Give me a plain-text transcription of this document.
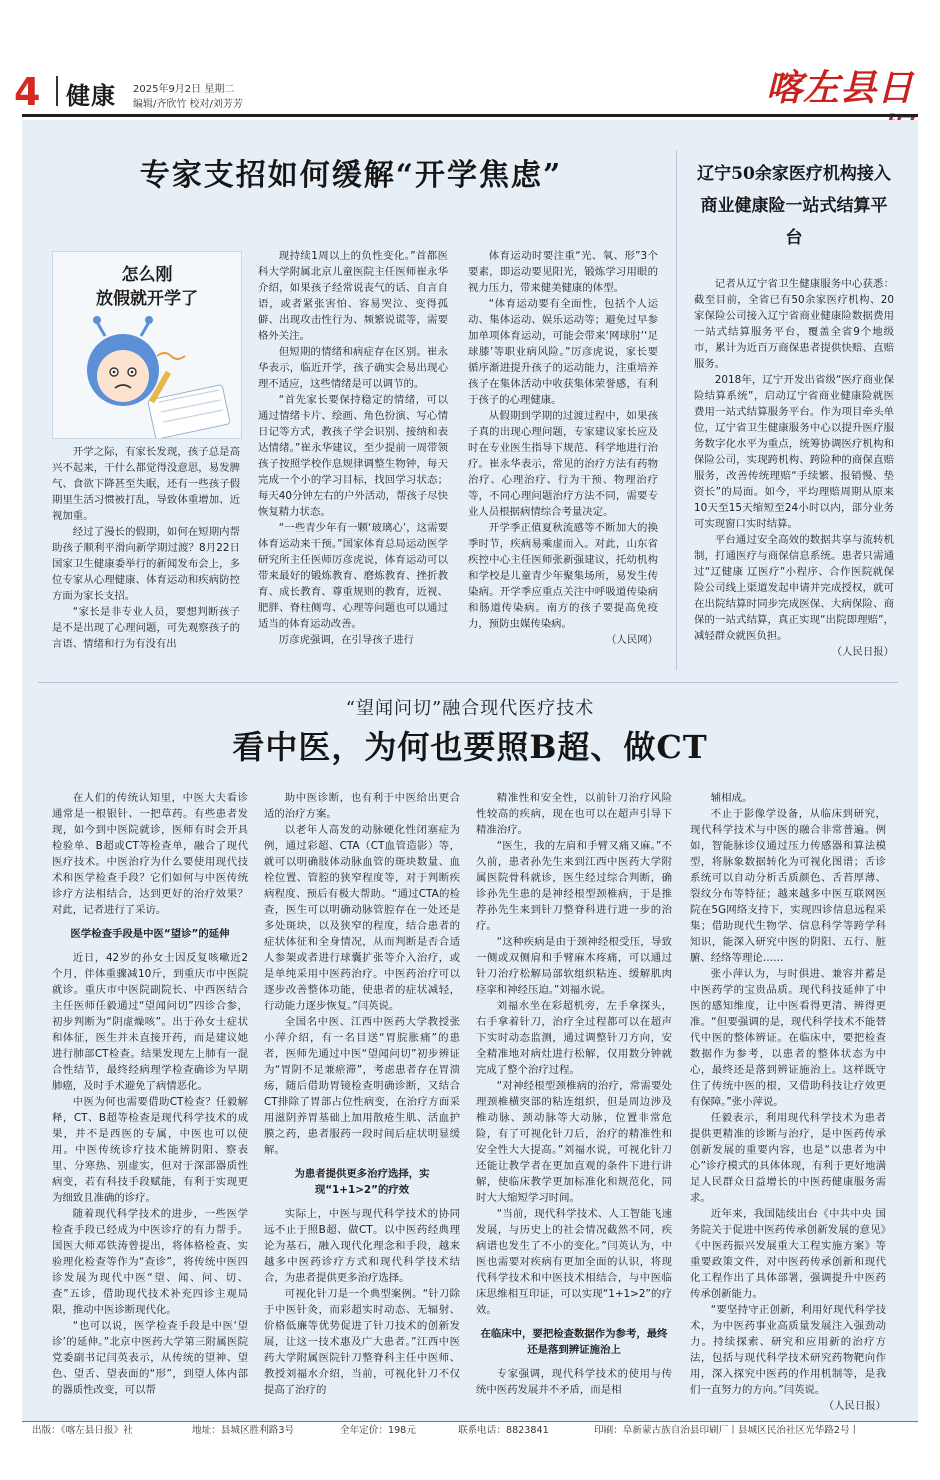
4	健康 2025年9月2日 星期二
编辑/齐欣竹 校对/刘芳芳	喀左县日
专家支招如何缓解“开学焦虑”
怎么刚
放假就开学了

开学之际，有家长发现，孩子总是高兴不起来，干什么都觉得没意思，易发脾气、食欲下降甚至失眠，还有一些孩子假期里生活习惯被打乱，导致体重增加、近视加重。

经过了漫长的假期，如何在短期内帮助孩子顺利平滑向新学期过渡？8月22日国家卫生健康委举行的新闻发布会上，多位专家从心理健康、体育运动和疾病防控方面为家长支招。

“家长是非专业人员，要想判断孩子是不是出现了心理问题，可先观察孩子的言语、情绪和行为有没有出

现持续1周以上的负性变化。”首都医科大学附属北京儿童医院主任医师崔永华介绍，如果孩子经常说丧气的话、自言自语，或者紧张害怕、容易哭泣、变得孤僻、出现攻击性行为、频繁说谎等，需要格外关注。

但短期的情绪和病症存在区别。崔永华表示，临近开学，孩子确实会易出现心理不适应，这些情绪是可以调节的。

“首先家长要保持稳定的情绪，可以通过情绪卡片、绘画、角色扮演、写心情日记等方式，教孩子学会识别、接纳和表达情绪。”崔永华建议，至少提前一周带领孩子按照学校作息规律调整生物钟，每天完成一个小的学习目标，找回学习状态；每天40分钟左右的户外活动，帮孩子尽快恢复精力状态。

“一些青少年有一颗‘玻璃心’，这需要体育运动来干预。”国家体育总局运动医学研究所主任医师厉彦虎说，体育运动可以带来最好的锻炼教育、磨炼教育、挫折教育、成长教育、尊重规则的教育，近视、肥胖、脊柱侧弯、心理等问题也可以通过适当的体育运动改善。

厉彦虎强调，在引导孩子进行

体育运动时要注重“光、氧、形”3个要素，即运动要见阳光，锻炼学习用眼的视力压力，带来健美健康的体型。

“体育运动要有全面性，包括个人运动、集体运动、娱乐运动等；避免过早参加单项体育运动，可能会带来‘网球肘’‘足球膝’等职业病风险。”厉彦虎说，家长要循序渐进提升孩子的运动能力，注重培养孩子在集体活动中收获集体荣誉感，有利于孩子的心理健康。

从假期到学期的过渡过程中，如果孩子真的出现心理问题，专家建议家长应及时在专业医生指导下规范、科学地进行治疗。崔永华表示，常见的治疗方法有药物治疗、心理治疗、行为干预、物理治疗等，不同心理问题治疗方法不同，需要专业人员根据病情综合考量决定。

开学季正值夏秋流感等不断加大的换季时节，疾病易乘虚而入。对此，山东省疾控中心主任医师张新强建议，托幼机构和学校是儿童青少年聚集场所，易发生传染病。开学季应重点关注中呼吸道传染病和肠道传染病。南方的孩子要提高免疫力，预防虫媒传染病。

（人民网）

辽宁50余家医疗机构接入商业健康险一站式结算平台

记者从辽宁省卫生健康服务中心获悉：截至目前，全省已有50余家医疗机构、20家保险公司接入辽宁省商业健康险数据费用一站式结算服务平台，覆盖全省9个地级市，累计为近百万商保患者提供快赔、直赔服务。

2018年，辽宁开发出省级“医疗商业保险结算系统”，启动辽宁省商业健康险就医费用一站式结算服务平台。作为项目牵头单位，辽宁省卫生健康服务中心以提升医疗服务数字化水平为重点，统筹协调医疗机构和保险公司，实现跨机构、跨险种的商保直赔服务，改善传统理赔“手续繁、报销慢、垫资长”的局面。如今，平均理赔周期从原来10天至15天缩短至24小时以内，部分业务可实现窗口实时结算。

平台通过安全高效的数据共享与流转机制，打通医疗与商保信息系统。患者只需通过“辽健康 辽医疗”小程序、合作医院就保险公司线上渠道发起申请并完成授权，就可在出院结算时同步完成医保、大病保险、商保的一站式结算，真正实现“出院即理赔”，减轻群众就医负担。

（人民日报）

“望闻问切”融合现代医疗技术
看中医，为何也要照B超、做CT

在人们的传统认知里，中医大夫看诊通常是一根银针、一把草药。有些患者发现，如今到中医院就诊，医师有时会开具检验单、B超或CT等检查单，融合了现代医疗技术。中医治疗为什么要使用现代技术和医学检查手段？它们如何与中医传统诊疗方法相结合，达到更好的治疗效果？对此，记者进行了采访。

医学检查手段是中医“望诊”的延伸

近日，42岁的孙女士因反复咳嗽近2个月，伴体重骤减10斤，到重庆市中医院就诊。重庆市中医院副院长、中西医结合主任医师任毅通过“望闻问切”四诊合参，初步判断为“阴虚燥咳”。出于孙女士症状和体征，医生并未直接开药，而是建议她进行肺部CT检查。结果发现左上肺有一混合性结节，最终经病理学检查确诊为早期肺癌，及时手术避免了病情恶化。

中医为何也需要借助CT检查？任毅解释，CT、B超等检查是现代科学技术的成果，并不是西医的专属，中医也可以使用。中医传统诊疗技术能辨阴阳、察表里、分寒热、别虚实，但对于深部器质性病变，若有科技手段赋能，有利于实现更为细致且准确的诊疗。

随着现代科学技术的进步，一些医学检查手段已经成为中医诊疗的有力帮手。国医大师邓铁涛曾提出，将体格检查、实验理化检查等作为“查诊”，将传统中医四诊发展为现代中医“望、闻、问、切、查”五诊，借助现代技术补充四诊主观局限，推动中医诊断现代化。

“也可以说，医学检查手段是中医‘望诊’的延伸。”北京中医药大学第三附属医院党委副书记闫英表示，从传统的望神、望色、望舌、望表面的“形”，到望人体内部的器质性改变，可以帮

助中医诊断，也有利于中医给出更合适的治疗方案。

以老年人高发的动脉硬化性闭塞症为例，通过彩超、CTA（CT血管造影）等，就可以明确肢体动脉血管的斑块数量、血栓位置、管腔的狭窄程度等，对于判断疾病程度、预后有极大帮助。“通过CTA的检查，医生可以明确动脉管腔存在一处还是多处斑块，以及狭窄的程度，结合患者的症状体征和全身情况，从而判断是否合适人参架或者进行球囊扩张等介入治疗，或是单纯采用中医药治疗。中医药治疗可以逐步改善整体功能，使患者的症状减轻，行动能力逐步恢复。”闫英说。

全国名中医、江西中医药大学教授张小萍介绍，有一名目送“胃脘胀痛”的患者，医师先通过中医“望闻问切”初步辨证为“胃阴不足兼瘀滞”，考虑患者存在胃溃疡，随后借助胃镜检查明确诊断，又结合CT排除了胃部占位性病变，在治疗方面采用滋阴养胃基础上加用散疮生肌、活血护膜之药，患者服药一段时间后症状明显缓解。

为患者提供更多治疗选择，实现“1+1>2”的疗效

实际上，中医与现代科学技术的协同远不止于照B超、做CT。以中医药经典理论为基石，融入现代化理念和手段，越来越多中医药诊疗方式和现代科学技术结合，为患者提供更多治疗选择。

可视化针刀是一个典型案例。“针刀除于中医针灸，而彩超实时动态、无辐射、价格低廉等优势促进了针刀技术的创新发展，让这一技术惠及广大患者。”江西中医药大学附属医院针刀整脊科主任中医师、教授刘福水介绍，当前，可视化针刀不仅提高了治疗的

精准性和安全性，以前针刀治疗风险性较高的疾病，现在也可以在超声引导下精准治疗。

“医生，我的左肩和手臂又痛又麻。”不久前，患者孙先生来到江西中医药大学附属医院骨科就诊，医生经过综合判断，确诊孙先生患的是神经根型颈椎病，于是推荐孙先生来到针刀整脊科进行进一步的治疗。

“这种疾病是由于颈神经根受压，导致一侧或双侧肩和手臂麻木疼痛，可以通过针刀治疗松解局部软组织粘连、缓解肌肉痉挛和神经压迫。”刘福水说。

刘福水坐在彩超机旁，左手拿探头，右手拿着针刀，治疗全过程都可以在超声下实时动态监测，通过调整针刀方向，安全精准地对病灶进行松解，仅用数分钟就完成了整个治疗过程。

“对神经根型颈椎病的治疗，常需要处理颈椎横突部的粘连组织，但是周边涉及椎动脉、颈动脉等大动脉，位置非常危险，有了可视化针刀后，治疗的精准性和安全性大大提高。”刘福水说，可视化针刀还能让教学者在更加直观的条件下进行讲解，使临床教学更加标准化和规范化，同时大大缩短学习时间。

“当前，现代科学技术、人工智能飞速发展，与历史上的社会情况截然不同，疾病谱也发生了不小的变化。”闫英认为，中医也需要对疾病有更加全面的认识，将现代科学技术和中医技术相结合，与中医临床思维相互印证，可以实现“1+1>2”的疗效。

在临床中，要把检查数据作为参考，最终还是落到辨证施治上

专家强调，现代科学技术的使用与传统中医药发展并不矛盾，而是相

辅相成。

不止于影像学设备，从临床到研究，现代科学技术与中医的融合非常普遍。例如，智能脉诊仪通过压力传感器和算法模型，将脉象数据转化为可视化图谱；舌诊系统可以自动分析舌质颜色、舌苔厚薄、裂纹分布等特征；越来越多中医互联网医院在5G网络支持下，实现四诊信息远程采集；借助现代生物学、信息科学等跨学科知识，能深入研究中医的阴阳、五行、脏腑、经络等理论……

张小萍认为，与时俱进、兼容并蓄是中医药学的宝贵品质。现代科技延伸了中医的感知维度，让中医看得更清、辨得更准。“但要强调的是，现代科学技术不能替代中医的整体辨证。在临床中，要把检查数据作为参考，以患者的整体状态为中心，最终还是落到辨证施治上。这样既守住了传统中医的根，又借助科技让疗效更有保障。”张小萍说。

任毅表示，利用现代科学技术为患者提供更精准的诊断与治疗，是中医药传承创新发展的重要内容，也是“以患者为中心”诊疗模式的具体体现，有利于更好地满足人民群众日益增长的中医药健康服务需求。

近年来，我国陆续出台《中共中央 国务院关于促进中医药传承创新发展的意见》《中医药振兴发展重大工程实施方案》等重要政策文件，对中医药传承创新和现代化工程作出了具体部署，强调提升中医药传承创新能力。

“要坚持守正创新，利用好现代科学技术，为中医药事业高质量发展注入强劲动力。持续探索、研究和应用新的治疗方法，包括与现代科学技术研究药物靶向作用，深入探究中医药的作用机制等，是我们一直努力的方向。”闫英说。

（人民日报）

出版：《喀左县日报》社	地址：县城区胜利路3号	全年定价：198元	联系电话：8823841	印刷：阜新蒙古族自治县印刷厂丨县城区民治社区光华路2号丨
